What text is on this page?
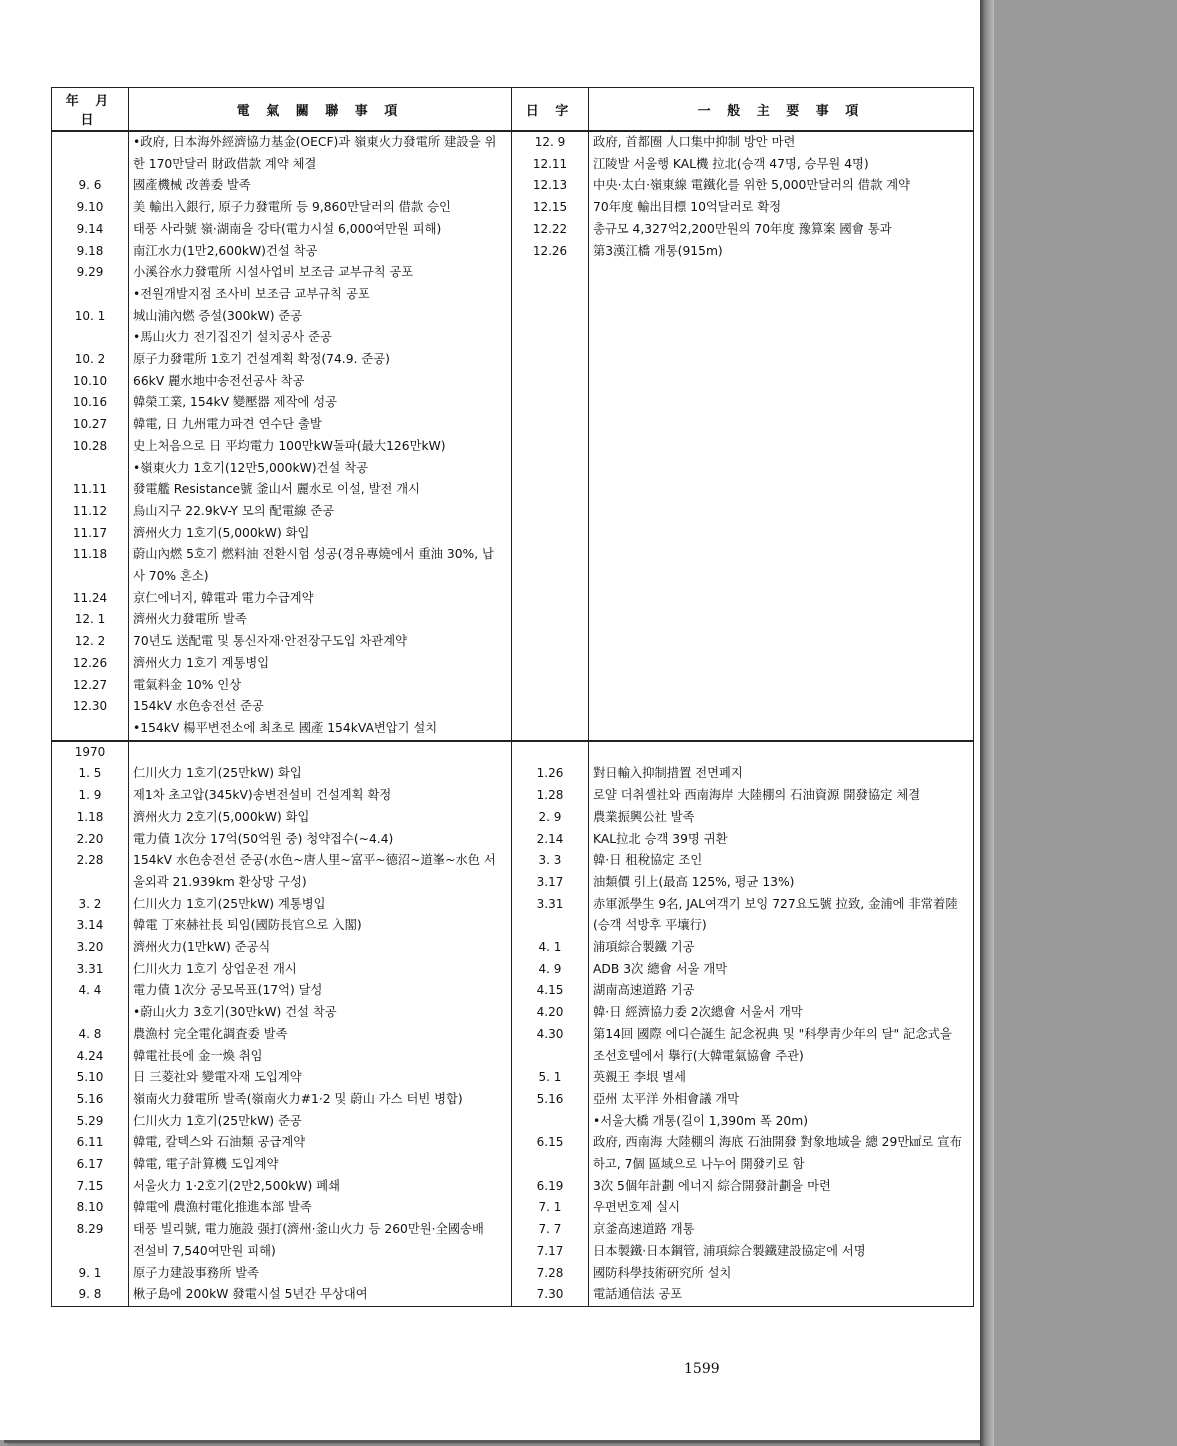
年 月 日	電 氣 關 聯 事 項	日 字	一 般 主 要 事 項
	•政府, 日本海外經濟協力基金(OECF)과 嶺東火力發電所 建設을 위	12. 9	政府, 首都圈 人口集中抑制 방안 마련
	한 170만달러 財政借款 계약 체결	12.11	江陵발 서울행 KAL機 拉北(승객 47명, 승무원 4명)
9. 6	國產機械 改善委 발족	12.13	中央·太白·嶺東線 電鐵化를 위한 5,000만달러의 借款 계약
9.10	美 輸出入銀行, 原子力發電所 등 9,860만달러의 借款 승인	12.15	70年度 輸出目標 10억달러로 확정
9.14	태풍 사라號 嶺·湖南을 강타(電力시설 6,000여만원 피해)	12.22	총규모 4,327억2,200만원의 70年度 豫算案 國會 통과
9.18	南江水力(1만2,600kW)건설 착공	12.26	第3漢江橋 개통(915m)
9.29	小溪谷水力發電所 시설사업비 보조금 교부규칙 공포		
	•전원개발지점 조사비 보조금 교부규칙 공포		
10. 1	城山浦內燃 증설(300kW) 준공		
	•馬山火力 전기집진기 설치공사 준공		
10. 2	原子力發電所 1호기 건설계획 확정(74.9. 준공)		
10.10	66kV 麗水地中송전선공사 착공		
10.16	韓榮工業, 154kV 變壓器 제작에 성공		
10.27	韓電, 日 九州電力파견 연수단 출발		
10.28	史上처음으로 日 平均電力 100만kW돌파(最大126만kW)		
	•嶺東火力 1호기(12만5,000kW)건설 착공		
11.11	發電艦 Resistance號 釜山서 麗水로 이설, 발전 개시		
11.12	烏山지구 22.9kV-Y 모의 配電線 준공		
11.17	濟州火力 1호기(5,000kW) 화입		
11.18	蔚山內燃 5호기 燃料油 전환시험 성공(경유專燒에서 重油 30%, 납		
	사 70% 혼소)		
11.24	京仁에너지, 韓電과 電力수급계약		
12. 1	濟州火力發電所 발족		
12. 2	70년도 送配電 및 통신자재·안전장구도입 차관계약		
12.26	濟州火力 1호기 계통병입		
12.27	電氣料金 10% 인상		
12.30	154kV 水色송전선 준공		
	•154kV 楊平변전소에 최초로 國產 154kVA변압기 설치		
1970			
1. 5	仁川火力 1호기(25만kW) 화입	1.26	對日輸入抑制措置 전면폐지
1. 9	제1차 초고압(345kV)송변전설비 건설계획 확정	1.28	로얄 더취셸社와 西南海岸 大陸棚의 石油資源 開發協定 체결
1.18	濟州火力 2호기(5,000kW) 화입	2. 9	農業振興公社 발족
2.20	電力債 1次分 17억(50억원 중) 청약접수(~4.4)	2.14	KAL拉北 승객 39명 귀환
2.28	154kV 水色송전선 준공(水色~唐人里~富平~德沼~道峯~水色 서	3. 3	韓·日 租稅協定 조인
	울외곽 21.939km 환상망 구성)	3.17	油類價 引上(最高 125%, 평균 13%)
3. 2	仁川火力 1호기(25만kW) 계통병입	3.31	赤軍派學生 9名, JAL여객기 보잉 727요도號 拉致, 金浦에 非常着陸
3.14	韓電 丁來赫社長 퇴임(國防長官으로 入閣)		(승객 석방후 平壤行)
3.20	濟州火力(1만kW) 준공식	4. 1	浦項綜合製鐵 기공
3.31	仁川火力 1호기 상업운전 개시	4. 9	ADB 3次 總會 서울 개막
4. 4	電力債 1次分 공모목표(17억) 달성	4.15	湖南高速道路 기공
	•蔚山火力 3호기(30만kW) 건설 착공	4.20	韓·日 經濟協力委 2次總會 서울서 개막
4. 8	農漁村 完全電化調査委 발족	4.30	第14回 國際 에디슨誕生 記念祝典 및 "科學靑少年의 달" 記念式을
4.24	韓電社長에 金一煥 취임		조선호텔에서 擧行(大韓電氣協會 주관)
5.10	日 三菱社와 變電자재 도입계약	5. 1	英親王 李垠 별세
5.16	嶺南火力發電所 발족(嶺南火力#1·2 및 蔚山 가스 터빈 병합)	5.16	亞州 太平洋 外相會議 개막
5.29	仁川火力 1호기(25만kW) 준공		•서울大橋 개통(길이 1,390m 폭 20m)
6.11	韓電, 칼텍스와 石油類 공급계약	6.15	政府, 西南海 大陸棚의 海底 石油開發 對象地域을 總 29만㎢로 宣布
6.17	韓電, 電子計算機 도입계약		하고, 7個 區域으로 나누어 開發키로 함
7.15	서울火力 1·2호기(2만2,500kW) 폐쇄	6.19	3次 5個年計劃 에너지 綜合開發計劃을 마련
8.10	韓電에 農漁村電化推進本部 발족	7. 1	우편번호제 실시
8.29	태풍 빌리號, 電力施設 强打(濟州·釜山火力 등 260만원·全國송배	7. 7	京釜高速道路 개통
	전설비 7,540여만원 피해)	7.17	日本製鐵·日本鋼管, 浦項綜合製鐵建設協定에 서명
9. 1	原子力建設事務所 발족	7.28	國防科學技術硏究所 설치
9. 8	楸子島에 200kW 發電시설 5년간 무상대여	7.30	電話通信法 공포
1599
